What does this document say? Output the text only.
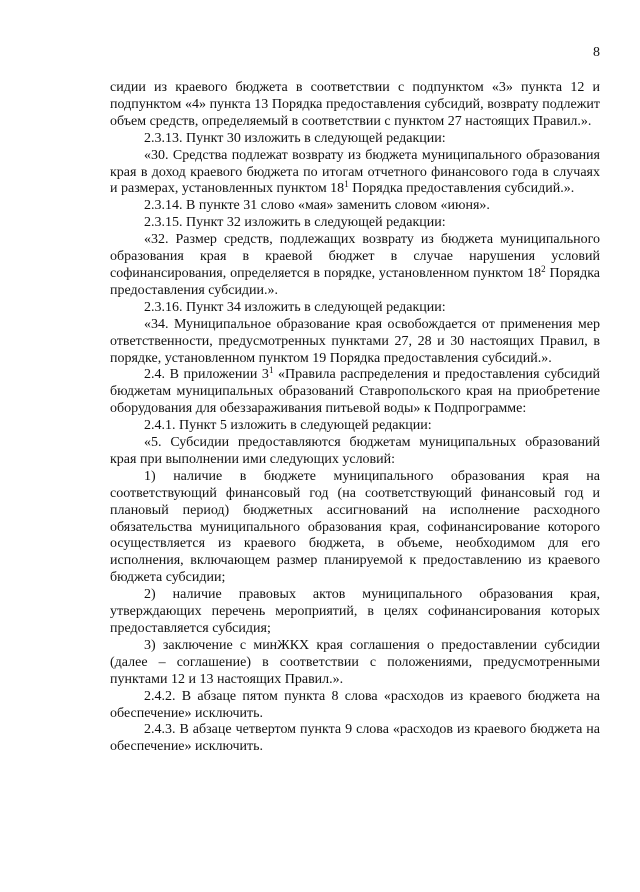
8

сидии из краевого бюджета в соответствии с подпунктом «3» пункта 12 и подпунктом «4» пункта 13 Порядка предоставления субсидий, возврату подлежит объем средств, определяемый в соответствии с пунктом 27 настоящих Правил.».

2.3.13. Пункт 30 изложить в следующей редакции:

«30. Средства подлежат возврату из бюджета муниципального образования края в доход краевого бюджета по итогам отчетного финансового года в случаях и размерах, установленных пунктом $18^1$ Порядка предоставления субсидий.».

2.3.14. В пункте 31 слово «мая» заменить словом «июня».

2.3.15. Пункт 32 изложить в следующей редакции:

«32. Размер средств, подлежащих возврату из бюджета муниципального образования края в краевой бюджет в случае нарушения условий софинансирования, определяется в порядке, установленном пунктом $18^2$ Порядка предоставления субсидии.».

2.3.16. Пункт 34 изложить в следующей редакции:

«34. Муниципальное образование края освобождается от применения мер ответственности, предусмотренных пунктами 27, 28 и 30 настоящих Правил, в порядке, установленном пунктом 19 Порядка предоставления субсидий.».

2.4. В приложении $3^1$ «Правила распределения и предоставления субсидий бюджетам муниципальных образований Ставропольского края на приобретение оборудования для обеззараживания питьевой воды» к Подпрограмме:

2.4.1. Пункт 5 изложить в следующей редакции:

«5. Субсидии предоставляются бюджетам муниципальных образований края при выполнении ими следующих условий:

1) наличие в бюджете муниципального образования края на соответствующий финансовый год (на соответствующий финансовый год и плановый период) бюджетных ассигнований на исполнение расходного обязательства муниципального образования края, софинансирование которого осуществляется из краевого бюджета, в объеме, необходимом для его исполнения, включающем размер планируемой к предоставлению из краевого бюджета субсидии;

2) наличие правовых актов муниципального образования края, утверждающих перечень мероприятий, в целях софинансирования которых предоставляется субсидия;

3) заключение с минЖКХ края соглашения о предоставлении субсидии (далее – соглашение) в соответствии с положениями, предусмотренными пунктами 12 и 13 настоящих Правил.».

2.4.2. В абзаце пятом пункта 8 слова «расходов из краевого бюджета на обеспечение» исключить.

2.4.3. В абзаце четвертом пункта 9 слова «расходов из краевого бюджета на обеспечение» исключить.
